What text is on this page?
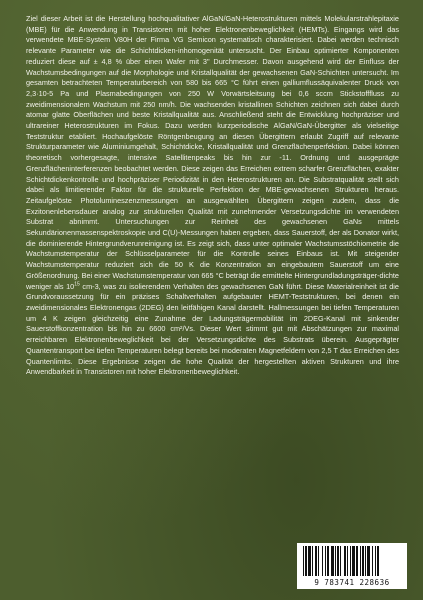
Ziel dieser Arbeit ist die Herstellung hochqualitativer AlGaN/GaN-Heterostrukturen mittels Molekularstrahlepitaxie (MBE) für die Anwendung in Transistoren mit hoher Elektronenbeweglichkeit (HEMTs). Eingangs wird das verwendete MBE-System V80H der Firma VG Semicon systematisch charakterisiert. Dabei werden technisch relevante Parameter wie die Schichtdicken-inhomogenität untersucht. Der Einbau optimierter Komponenten reduziert diese auf ± 4,8 % über einen Wafer mit 3" Durchmesser. Davon ausgehend wird der Einfluss der Wachstumsbedingungen auf die Morphologie und Kristallqualität der gewachsenen GaN-Schichten untersucht. Im gesamten betrachteten Temperaturbereich von 580 bis 665 °C führt einen galliumflussäquivalenter Druck von 2,3·10-5 Pa und Plasmabedingungen von 250 W Vorwärtsleitsung bei 0,6 sccm Stickstofffluss zu zweidimensionalem Wachstum mit 250 nm/h. Die wachsenden kristallinen Schichten zeichnen sich dabei durch atomar glatte Oberflächen und beste Kristallqualität aus. Anschließend steht die Entwicklung hochpräziser und ultrareiner Heterostrukturen im Fokus. Dazu werden kurzperiodische AlGaN/GaN-Übergitter als vielseitige Teststruktur etabliert. Hochaufgelöste Röntgenbeugung an diesen Übergittern erlaubt Zugriff auf relevante Strukturparameter wie Aluminiumgehalt, Schichtdicke, Kristallqualität und Grenzflächenperfektion. Dabei können theoretisch vorhergesagte, intensive Satellitenpeaks bis hin zur -11. Ordnung und ausgeprägte Grenzflächeninterferenzen beobachtet werden. Diese zeigen das Erreichen extrem scharfer Grenzflächen, exakter Schichtdickenkontrolle und hochpräziser Periodizität in den Heterostrukturen an. Die Substratqualität stellt sich dabei als limitierender Faktor für die strukturelle Perfektion der MBE-gewachsenen Strukturen heraus. Zeitaufgelöste Photolumineszenzmessungen an ausgewählten Übergittern zeigen zudem, dass die Exzitonenlebensdauer analog zur strukturellen Qualität mit zunehmender Versetzungsdichte im verwendeten Substrat abnimmt. Untersuchungen zur Reinheit des gewachsenen GaNs mittels Sekundärionenmassenspektroskopie und C(U)-Messungen haben ergeben, dass Sauerstoff, der als Donator wirkt, die dominierende Hintergrundverunreinigung ist. Es zeigt sich, dass unter optimaler Wachstumsstöchiometrie die Wachstumstemperatur der Schlüsselparameter für die Kontrolle seines Einbaus ist. Mit steigender Wachstumstemperatur reduziert sich die 50 K die Konzentration an eingebautem Sauerstoff um eine Größenordnung. Bei einer Wachstumstemperatur von 665 °C beträgt die ermittelte Hintergrundladungsträger-dichte weniger als $10^{15}$ cm-3, was zu isolierendem Verhalten des gewachsenen GaN führt. Diese Materialreinheit ist die Grundvoraussetzung für ein präzises Schaltverhalten aufgebauter HEMT-Teststrukturen, bei denen ein zweidimensionales Elektronengas (2DEG) den leitfähigen Kanal darstellt. Hallmessungen bei tiefen Temperaturen um 4 K zeigen gleichzeitig eine Zunahme der Ladungsträgermobilität im 2DEG-Kanal mit sinkender Sauerstoffkonzentration bis hin zu 6600 cm²/Vs. Dieser Wert stimmt gut mit Abschätzungen zur maximal erreichbaren Elektronenbeweglichkeit bei der Versetzungsdichte des Substrats überein. Ausgeprägter Quantentransport bei tiefen Temperaturen belegt bereits bei moderaten Magnetfeldern von 2,5 T das Erreichen des Quantenlimits. Diese Ergebnisse zeigen die hohe Qualität der hergestellten aktiven Strukturen und ihre Anwendbarkeit in Transistoren mit hoher Elektronenbeweglichkeit.

9 783741 228636
